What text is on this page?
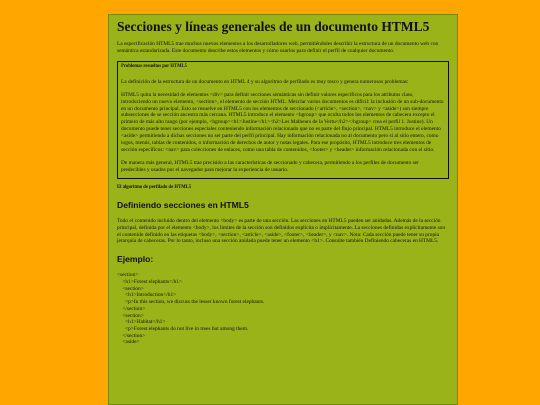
Secciones y líneas generales de un documento HTML5

La especificación HTML5 trae muchos nuevos elementos a los desarrolladores web, permitiéndoles describir la estructura de un documento web con semántica estandarizada. Este documento describe estos elementos y cómo usarlos para definir el perfil de cualquier documento.

Problemas resueltos por HTML5

La definición de la estructura de un documento en HTML 4 y su algoritmo de perfilado es muy tosco y genera numerosos problemas:

HTML5 quita la necesidad de elementos <div> para definir secciones semánticas sin definir valores específicos para los atributos class, introduciendo un nuevo elemento, <section>, el elemento de sección HTML. Mezclar varios documentos es difícil: la inclusión de un sub-documento en un documento principal. Esto se resuelve en HTML5 con los elementos de seccionado (<article>, <section>, <nav> y <aside>) son siempre subsecciones de se sección ancestra más cercana. HTML5 introduce el elemento <hgroup> que oculta todos los elementos de cabecera excepto el primero de más alto rango (por ejemplo, <hgroup><h1>Justine</h1><h2>Les Malheurs de la Vertu</h2></hgroup> crea el perfil 1. Justine). Un documento puede tener secciones especiales conteniendo información relacionado que no es parte del flujo principal. HTML5 introduce el elemento <aside> permitiendo a dichas secciones no ser parte del perfil principal. Hay información relacionada no al documento pero sí al sitio entero, como logos, menús, tablas de contenidos, o información de derechos de autor y notas legales. Para ese propósito, HTML5 introduce tres elementos de sección específicos: <nav> para colecciones de enlaces, como una tabla de contenidos, <footer> y <header> información relacionada con el sitio.

De manera más general, HTML5 trae precisión a las características de seccionado y cabecera, permitiendo a los perfiles de documento ser predecibles y usados por el navegador para mejorar la experiencia de usuario.

El algoritmo de perfilado de HTML5
Definiendo secciones en HTML5

Todo el contenido incluido dentro del elemento <body> es parte de una sección. Las secciones en HTML5 pueden ser anidadas. Además de la sección principal, definida por el elemento <body>, los límites de la sección son definidos explícita o implícitamente. La secciones definidas explícitamente son el contenido definido en las etiquetas <body>, <section>, <article>, <aside>, <footer>, <header>, y <nav>. Nota: Cada sección puede tener su propia jerarquía de cabeceras. Por lo tanto, incluso una sección anidada puede tener un elemento <h1>. Consulte también Definiendo cabeceras en HTML5.

Ejemplo:
<section>
<h1>Forest elephants</h1>
<section>
<h1>Introduction</h1>
<p>In this section, we discuss the lesser known forest elephants.
</section>
<section>
<h1>Habitat</h1>
<p>Forest elephants do not live in trees but among them.
</section>
<aside>
